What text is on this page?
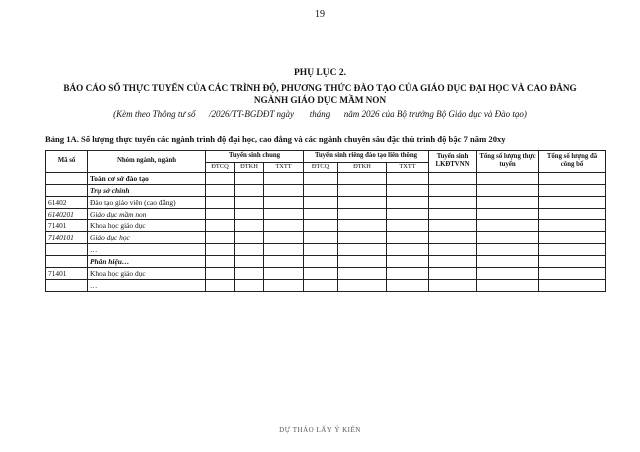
19
PHỤ LỤC 2.
BÁO CÁO SỐ THỰC TUYỂN CỦA CÁC TRÌNH ĐỘ, PHƯƠNG THỨC ĐÀO TẠO CỦA GIÁO DỤC ĐẠI HỌC VÀ CAO ĐẲNG NGÀNH GIÁO DỤC MẦM NON
(Kèm theo Thông tư số      /2026/TT-BGDĐT ngày       tháng      năm 2026 của Bộ trưởng Bộ Giáo dục và Đào tạo)
Bảng 1A. Số lượng thực tuyển các ngành trình độ đại học, cao đẳng và các ngành chuyên sâu đặc thù trình độ bậc 7 năm 20xy
Mã số	Nhóm ngành, ngành	Tuyển sinh chung			Tuyển sinh riêng đào tạo liên thông			Tuyển sinh LKĐTVNN	Tổng số lượng thực tuyển	Tổng số lượng đã công bố
		ĐTCQ	ĐTKH	TXTT	ĐTCQ	ĐTKH	TXTT			
	Toàn cơ sở đào tạo									
	Trụ sở chính									
61402	Đào tạo giáo viên (cao đẳng)									
6140201	Giáo dục mầm non									
71401	Khoa học giáo dục									
7140101	Giáo dục học									
	…									
	Phân hiệu…									
71401	Khoa học giáo dục									
	…									
DỰ THẢO LẤY Ý KIẾN
